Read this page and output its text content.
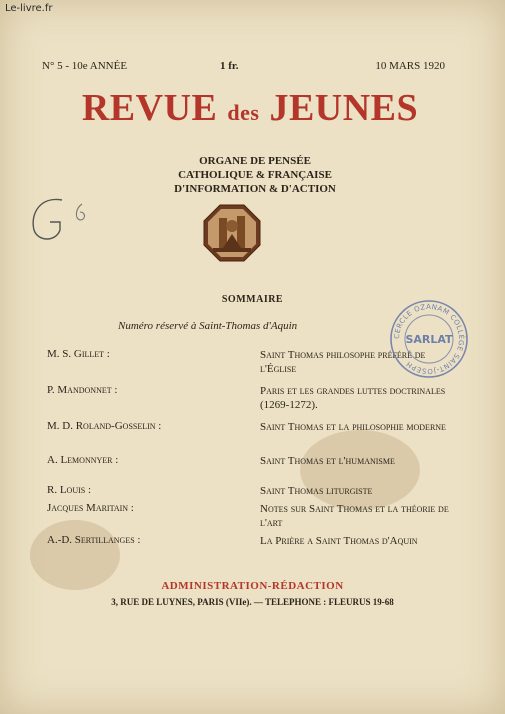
Le-livre.fr
N° 5 - 10e ANNÉE	1 fr.	10 MARS 1920
REVUE des JEUNES
ORGANE DE PENSÉE
CATHOLIQUE & FRANÇAISE
D'INFORMATION & D'ACTION
SOMMAIRE
Numéro réservé à Saint-Thomas d'Aquin
M. S. Gillet :	Saint Thomas philosophe préféré de l'Église
P. Mandonnet :	Paris et les grandes luttes doctrinales (1269-1272).
M. D. Roland-Gosselin :	Saint Thomas et la philosophie moderne
A. Lemonnyer :	Saint Thomas et l'humanisme
R. Louis :	Saint Thomas liturgiste
Jacques Maritain :	Notes sur Saint Thomas et la théorie de l'art
A.-D. Sertillanges :	La Prière a Saint Thomas d'Aquin
CERCLE OZANAM COLLÈGE SAINT-JOSEPH
SARLAT
ADMINISTRATION-RÉDACTION
3, RUE DE LUYNES, PARIS (VIIe). — TELEPHONE : FLEURUS 19-68
